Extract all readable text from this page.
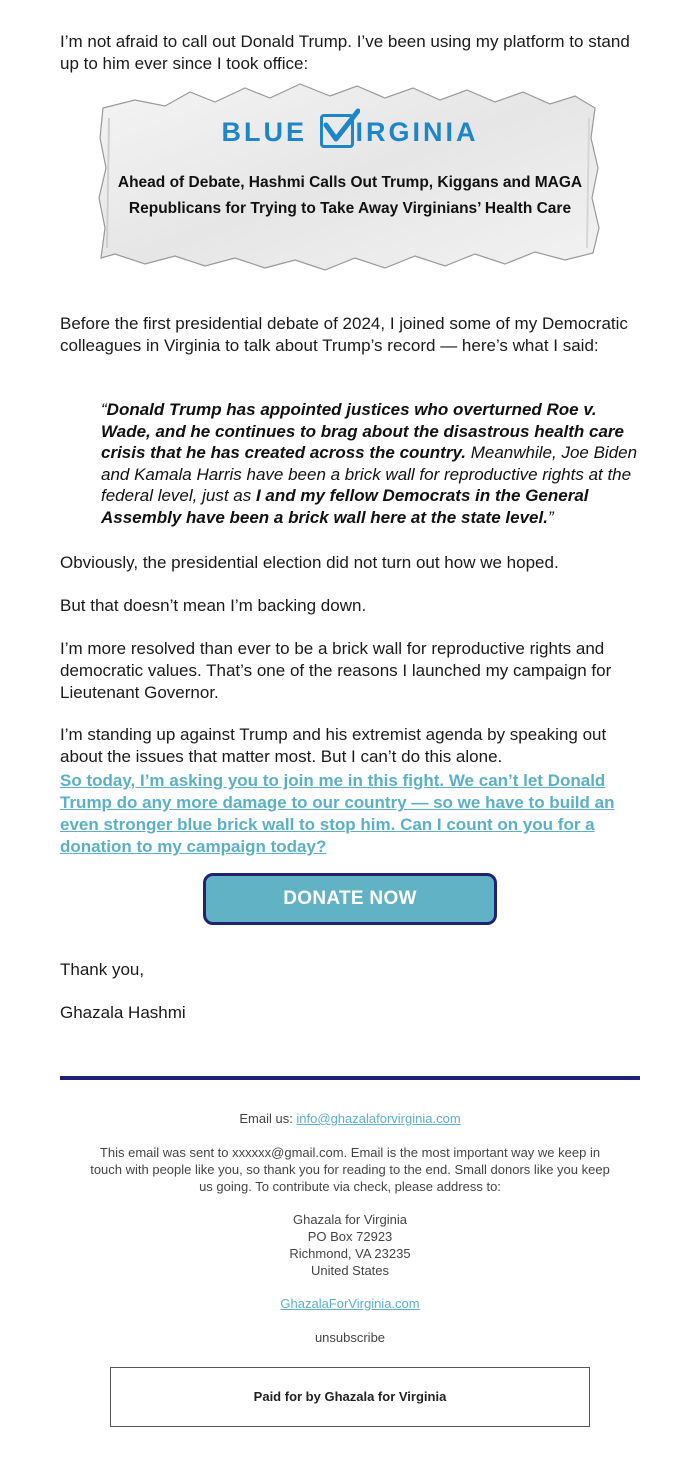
I’m not afraid to call out Donald Trump. I’ve been using my platform to stand up to him ever since I took office:

BLUE IRGINIA
Ahead of Debate, Hashmi Calls Out Trump, Kiggans and MAGA
Republicans for Trying to Take Away Virginians’ Health Care

Before the first presidential debate of 2024, I joined some of my Democratic colleagues in Virginia to talk about Trump’s record — here’s what I said:

“Donald Trump has appointed justices who overturned Roe v. Wade, and he continues to brag about the disastrous health care crisis that he has created across the country. Meanwhile, Joe Biden and Kamala Harris have been a brick wall for reproductive rights at the federal level, just as I and my fellow Democrats in the General Assembly have been a brick wall here at the state level.”

Obviously, the presidential election did not turn out how we hoped.

But that doesn’t mean I’m backing down.

I’m more resolved than ever to be a brick wall for reproductive rights and democratic values. That’s one of the reasons I launched my campaign for Lieutenant Governor.

I’m standing up against Trump and his extremist agenda by speaking out about the issues that matter most. But I can’t do this alone.

So today, I’m asking you to join me in this fight. We can’t let Donald Trump do any more damage to our country — so we have to build an even stronger blue brick wall to stop him. Can I count on you for a donation to my campaign today?
DONATE NOW

Thank you,

Ghazala Hashmi

Email us: info@ghazalaforvirginia.com
This email was sent to xxxxxx@gmail.com. Email is the most important way we keep in touch with people like you, so thank you for reading to the end. Small donors like you keep us going. To contribute via check, please address to:
Ghazala for Virginia
PO Box 72923
Richmond, VA 23235
United States
GhazalaForVirginia.com
unsubscribe
Paid for by Ghazala for Virginia
